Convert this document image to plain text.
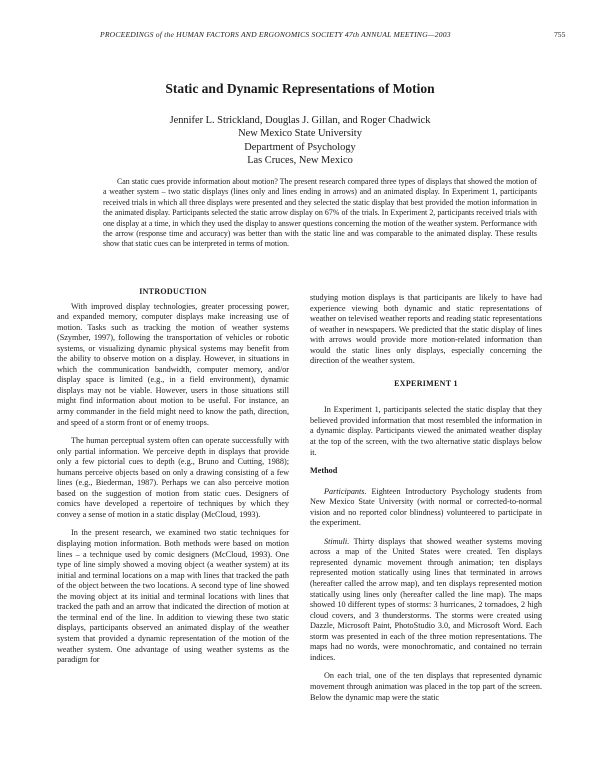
PROCEEDINGS of the HUMAN FACTORS AND ERGONOMICS SOCIETY 47th ANNUAL MEETING—2003	755
Static and Dynamic Representations of Motion
Jennifer L. Strickland, Douglas J. Gillan, and Roger Chadwick
New Mexico State University
Department of Psychology
Las Cruces, New Mexico

Can static cues provide information about motion? The present research compared three types of displays that showed the motion of a weather system – two static displays (lines only and lines ending in arrows) and an animated display. In Experiment 1, participants received trials in which all three displays were presented and they selected the static display that best provided the motion information in the animated display. Participants selected the static arrow display on 67% of the trials. In Experiment 2, participants received trials with one display at a time, in which they used the display to answer questions concerning the motion of the weather system. Performance with the arrow (response time and accuracy) was better than with the static line and was comparable to the animated display. These results show that static cues can be interpreted in terms of motion.

INTRODUCTION

With improved display technologies, greater processing power, and expanded memory, computer displays make increasing use of motion. Tasks such as tracking the motion of weather systems (Szymber, 1997), following the transportation of vehicles or robotic systems, or visualizing dynamic physical systems may benefit from the ability to observe motion on a display. However, in situations in which the communication bandwidth, computer memory, and/or display space is limited (e.g., in a field environment), dynamic displays may not be viable. However, users in those situations still might find information about motion to be useful. For instance, an army commander in the field might need to know the path, direction, and speed of a storm front or of enemy troops.

The human perceptual system often can operate successfully with only partial information. We perceive depth in displays that provide only a few pictorial cues to depth (e.g., Bruno and Cutting, 1988); humans perceive objects based on only a drawing consisting of a few lines (e.g., Biederman, 1987). Perhaps we can also perceive motion based on the suggestion of motion from static cues. Designers of comics have developed a repertoire of techniques by which they convey a sense of motion in a static display (McCloud, 1993).

In the present research, we examined two static techniques for displaying motion information. Both methods were based on motion lines – a technique used by comic designers (McCloud, 1993). One type of line simply showed a moving object (a weather system) at its initial and terminal locations on a map with lines that tracked the path of the object between the two locations. A second type of line showed the moving object at its initial and terminal locations with lines that tracked the path and an arrow that indicated the direction of motion at the terminal end of the line. In addition to viewing these two static displays, participants observed an animated display of the weather system that provided a dynamic representation of the motion of the weather system. One advantage of using weather systems as the paradigm for

studying motion displays is that participants are likely to have had experience viewing both dynamic and static representations of weather on televised weather reports and reading static representations of weather in newspapers. We predicted that the static display of lines with arrows would provide more motion-related information than would the static lines only displays, especially concerning the direction of the weather system.

EXPERIMENT 1

In Experiment 1, participants selected the static display that they believed provided information that most resembled the information in a dynamic display. Participants viewed the animated weather display at the top of the screen, with the two alternative static displays below it.

Method

Participants. Eighteen Introductory Psychology students from New Mexico State University (with normal or corrected-to-normal vision and no reported color blindness) volunteered to participate in the experiment.

Stimuli. Thirty displays that showed weather systems moving across a map of the United States were created. Ten displays represented dynamic movement through animation; ten displays represented motion statically using lines that terminated in arrows (hereafter called the arrow map), and ten displays represented motion statically using lines only (hereafter called the line map). The maps showed 10 different types of storms: 3 hurricanes, 2 tornadoes, 2 high cloud covers, and 3 thunderstorms. The storms were created using Dazzle, Microsoft Paint, PhotoStudio 3.0, and Microsoft Word. Each storm was presented in each of the three motion representations. The maps had no words, were monochromatic, and contained no terrain indices.

On each trial, one of the ten displays that represented dynamic movement through animation was placed in the top part of the screen. Below the dynamic map were the static
